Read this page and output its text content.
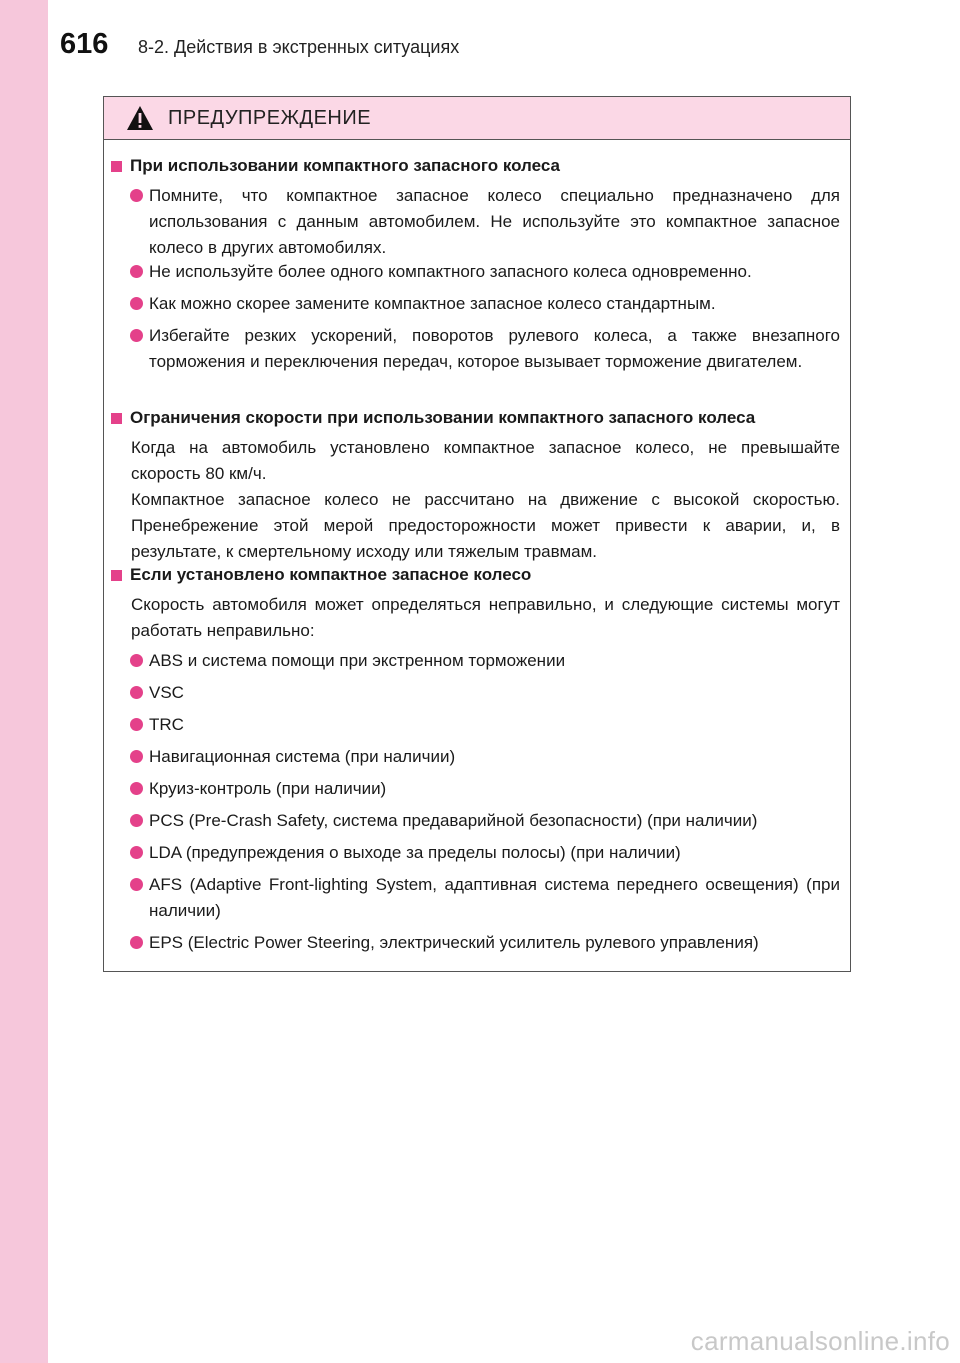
616 8-2. Действия в экстренных ситуациях
ПРЕДУПРЕЖДЕНИЕ
При использовании компактного запасного колеса
Помните, что компактное запасное колесо специально предназначено для использования с данным автомобилем. Не используйте это компактное запасное колесо в других автомобилях.
Не используйте более одного компактного запасного колеса одновременно.
Как можно скорее замените компактное запасное колесо стандартным.
Избегайте резких ускорений, поворотов рулевого колеса, а также внезапного торможения и переключения передач, которое вызывает торможение двигателем.
Ограничения скорости при использовании компактного запасного колеса
Когда на автомобиль установлено компактное запасное колесо, не превышайте скорость 80 км/ч.
Компактное запасное колесо не рассчитано на движение с высокой скоростью. Пренебрежение этой мерой предосторожности может привести к аварии, и, в результате, к смертельному исходу или тяжелым травмам.
Если установлено компактное запасное колесо
Скорость автомобиля может определяться неправильно, и следующие системы могут работать неправильно:
ABS и система помощи при экстренном торможении
VSC
TRC
Навигационная система (при наличии)
Круиз-контроль (при наличии)
PCS (Pre-Crash Safety, система предаварийной безопасности) (при наличии)
LDA (предупреждения о выходе за пределы полосы) (при наличии)
AFS (Adaptive Front-lighting System, адаптивная система переднего освещения) (при наличии)
EPS (Electric Power Steering, электрический усилитель рулевого управления)
carmanualsonline.info
